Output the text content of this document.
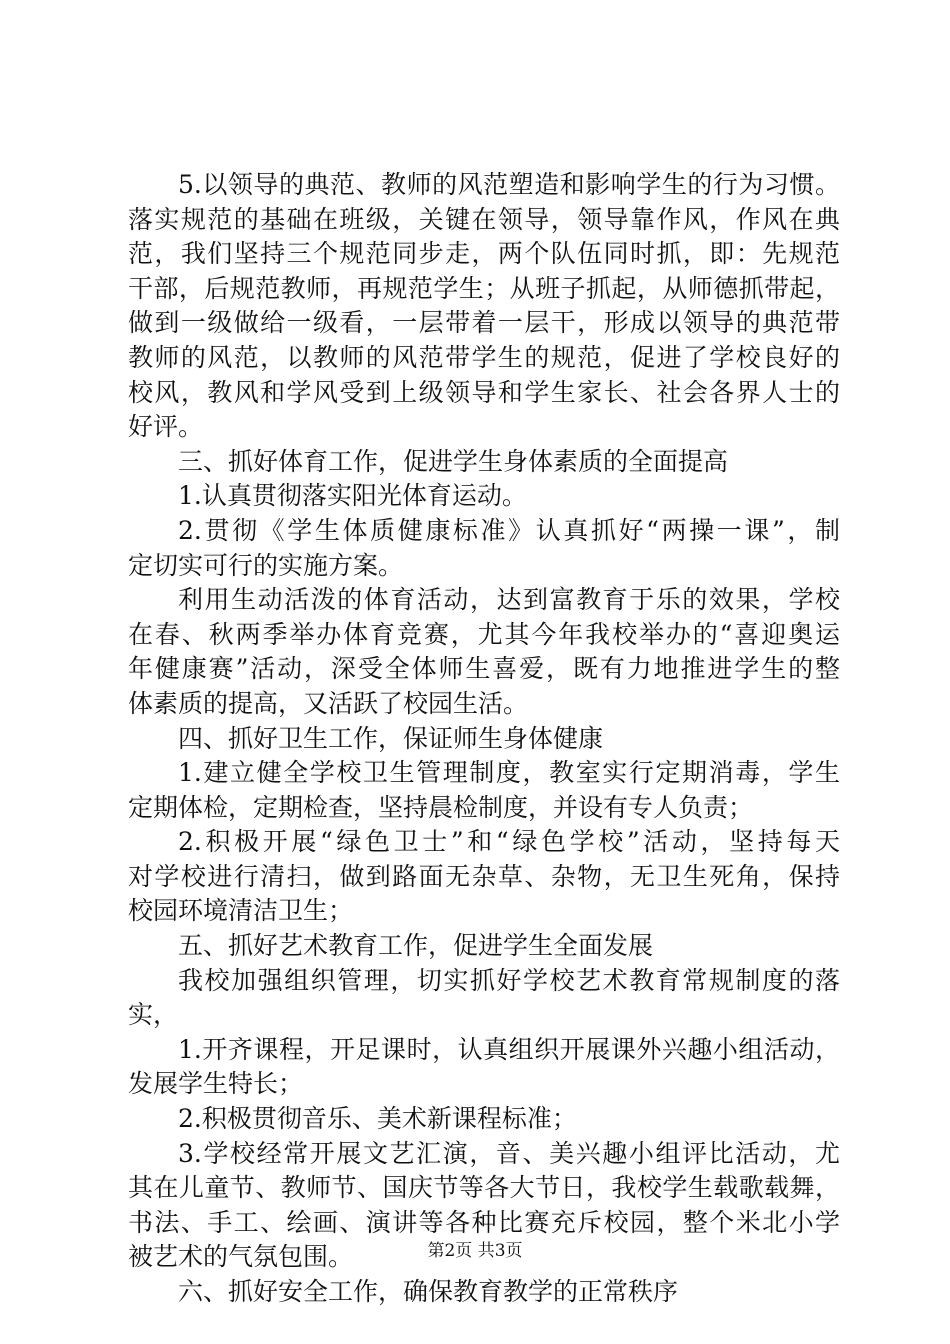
5.以领导的典范、教师的风范塑造和影响学生的行为习惯。
落实规范的基础在班级，关键在领导，领导靠作风，作风在典
范，我们坚持三个规范同步走，两个队伍同时抓，即：先规范
干部，后规范教师，再规范学生；从班子抓起，从师德抓带起，
做到一级做给一级看，一层带着一层干，形成以领导的典范带
教师的风范，以教师的风范带学生的规范，促进了学校良好的
校风，教风和学风受到上级领导和学生家长、社会各界人士的
好评。
三、抓好体育工作，促进学生身体素质的全面提高
1.认真贯彻落实阳光体育运动。
2.贯彻《学生体质健康标准》认真抓好“两操一课”，制
定切实可行的实施方案。
利用生动活泼的体育活动，达到富教育于乐的效果，学校
在春、秋两季举办体育竞赛，尤其今年我校举办的“喜迎奥运
年健康赛”活动，深受全体师生喜爱，既有力地推进学生的整
体素质的提高，又活跃了校园生活。
四、抓好卫生工作，保证师生身体健康
1.建立健全学校卫生管理制度，教室实行定期消毒，学生
定期体检，定期检查，坚持晨检制度，并设有专人负责；
2.积极开展“绿色卫士”和“绿色学校”活动，坚持每天
对学校进行清扫，做到路面无杂草、杂物，无卫生死角，保持
校园环境清洁卫生；
五、抓好艺术教育工作，促进学生全面发展
我校加强组织管理，切实抓好学校艺术教育常规制度的落
实，
1.开齐课程，开足课时，认真组织开展课外兴趣小组活动，
发展学生特长；
2.积极贯彻音乐、美术新课程标准；
3.学校经常开展文艺汇演，音、美兴趣小组评比活动，尤
其在儿童节、教师节、国庆节等各大节日，我校学生载歌载舞，
书法、手工、绘画、演讲等各种比赛充斥校园，整个米北小学
被艺术的气氛包围。
六、抓好安全工作，确保教育教学的正常秩序
第2页 共3页
